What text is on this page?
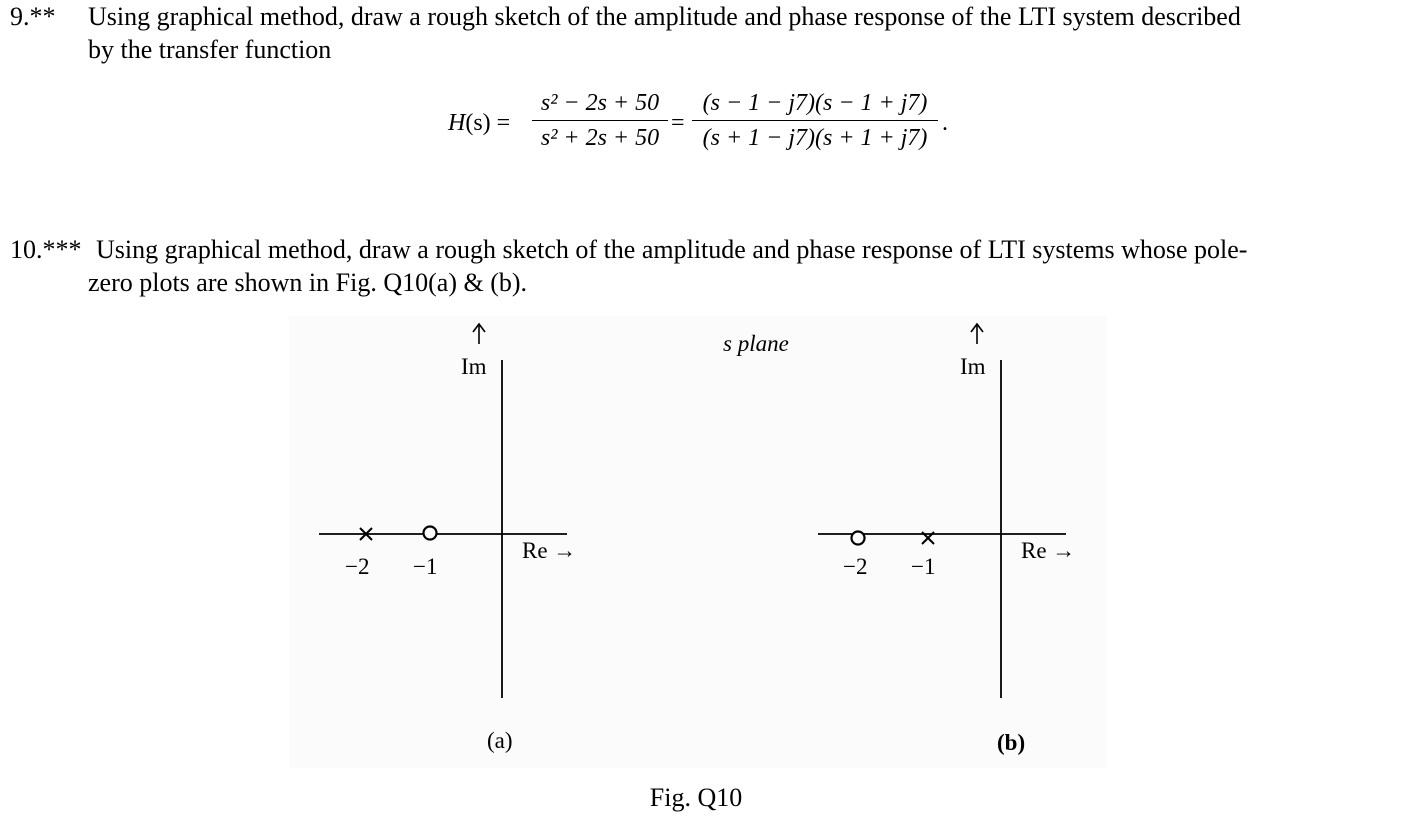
9.** Using graphical method, draw a rough sketch of the amplitude and phase response of the LTI system described
by the transfer function
H(s) =
s² − 2s + 50
s² + 2s + 50
=
(s − 1 − j7)(s − 1 + j7)
(s + 1 − j7)(s + 1 + j7)
.
10.*** Using graphical method, draw a rough sketch of the amplitude and phase response of LTI systems whose pole-
zero plots are shown in Fig. Q10(a) & (b).
s plane
Im
Re →
−2 −1
(a)
Im
Re →
−2 −1
(b)
Fig. Q10
